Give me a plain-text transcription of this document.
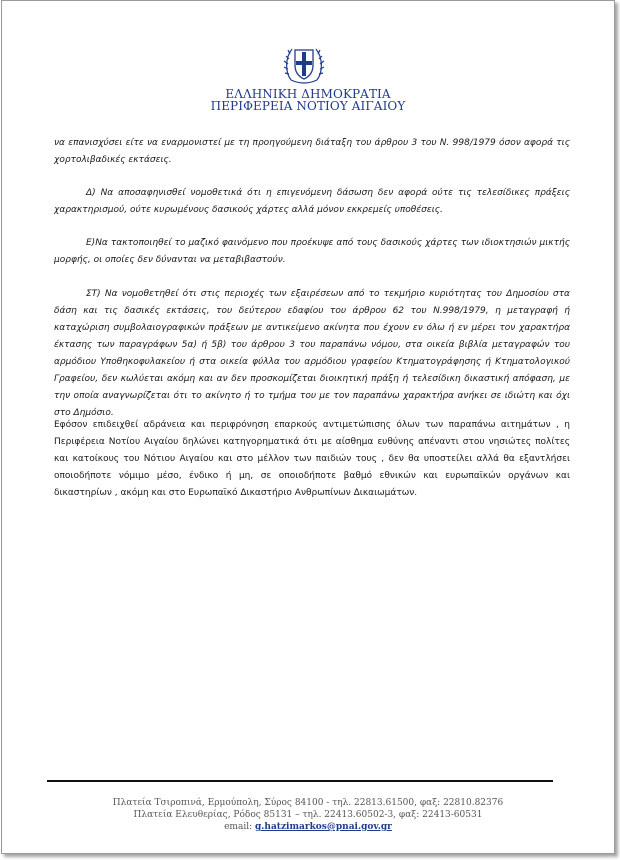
ΕΛΛΗΝΙΚΗ ΔΗΜΟΚΡΑΤΙΑ
ΠΕΡΙΦΕΡΕΙΑ ΝΟΤΙΟΥ ΑΙΓΑΙΟΥ

να επανισχύσει είτε να εναρμονιστεί με τη προηγούμενη διάταξη του άρθρου 3 του Ν. 998/1979 όσον αφορά τις χορτολιβαδικές εκτάσεις.

Δ) Να αποσαφηνισθεί νομοθετικά ότι η επιγενόμενη δάσωση δεν αφορά ούτε τις τελεσίδικες πράξεις χαρακτηρισμού, ούτε κυρωμένους δασικούς χάρτες αλλά μόνον εκκρεμείς υποθέσεις.

Ε)Να τακτοποιηθεί το μαζικό φαινόμενο που προέκυψε από τους δασικούς χάρτες των ιδιοκτησιών μικτής μορφής, οι οποίες δεν δύνανται να μεταβιβαστούν.

ΣΤ) Να νομοθετηθεί ότι στις περιοχές των εξαιρέσεων από το τεκμήριο κυριότητας του Δημοσίου στα δάση και τις δασικές εκτάσεις, του δεύτερου εδαφίου του άρθρου 62 του Ν.998/1979, η μεταγραφή ή καταχώριση συμβολαιογραφικών πράξεων με αντικείμενο ακίνητα που έχουν εν όλω ή εν μέρει τον χαρακτήρα έκτασης των παραγράφων 5α) ή 5β) του άρθρου 3 του παραπάνω νόμου, στα οικεία βιβλία μεταγραφών του αρμόδιου Υποθηκοφυλακείου ή στα οικεία φύλλα του αρμόδιου γραφείου Κτηματογράφησης ή Κτηματολογικού Γραφείου, δεν κωλύεται ακόμη και αν δεν προσκομίζεται διοικητική πράξη ή τελεσίδικη δικαστική απόφαση, με την οποία αναγνωρίζεται ότι το ακίνητο ή το τμήμα του με τον παραπάνω χαρακτήρα ανήκει σε ιδιώτη και όχι στο Δημόσιο.

Εφόσον επιδειχθεί αδράνεια και περιφρόνηση επαρκούς αντιμετώπισης όλων των παραπάνω αιτημάτων , η Περιφέρεια Νοτίου Αιγαίου δηλώνει κατηγορηματικά ότι με αίσθημα ευθύνης απέναντι στου νησιώτες πολίτες και κατοίκους του Νότιου Αιγαίου και στο μέλλον των παιδιών τους , δεν θα υποστείλει αλλά θα εξαντλήσει οποιοδήποτε νόμιμο μέσο, ένδικο ή μη, σε οποιοδήποτε βαθμό εθνικών και ευρωπαϊκών οργάνων και δικαστηρίων , ακόμη και στο Ευρωπαϊκό Δικαστήριο Ανθρωπίνων Δικαιωμάτων.

Πλατεία Τσιροπινά, Ερμούπολη, Σύρος 84100 - τηλ. 22813.61500, φαξ: 22810.82376
Πλατεία Ελευθερίας, Ρόδος 85131 – τηλ. 22413.60502-3, φαξ: 22413-60531
email: g.hatzimarkos@pnai.gov.gr
